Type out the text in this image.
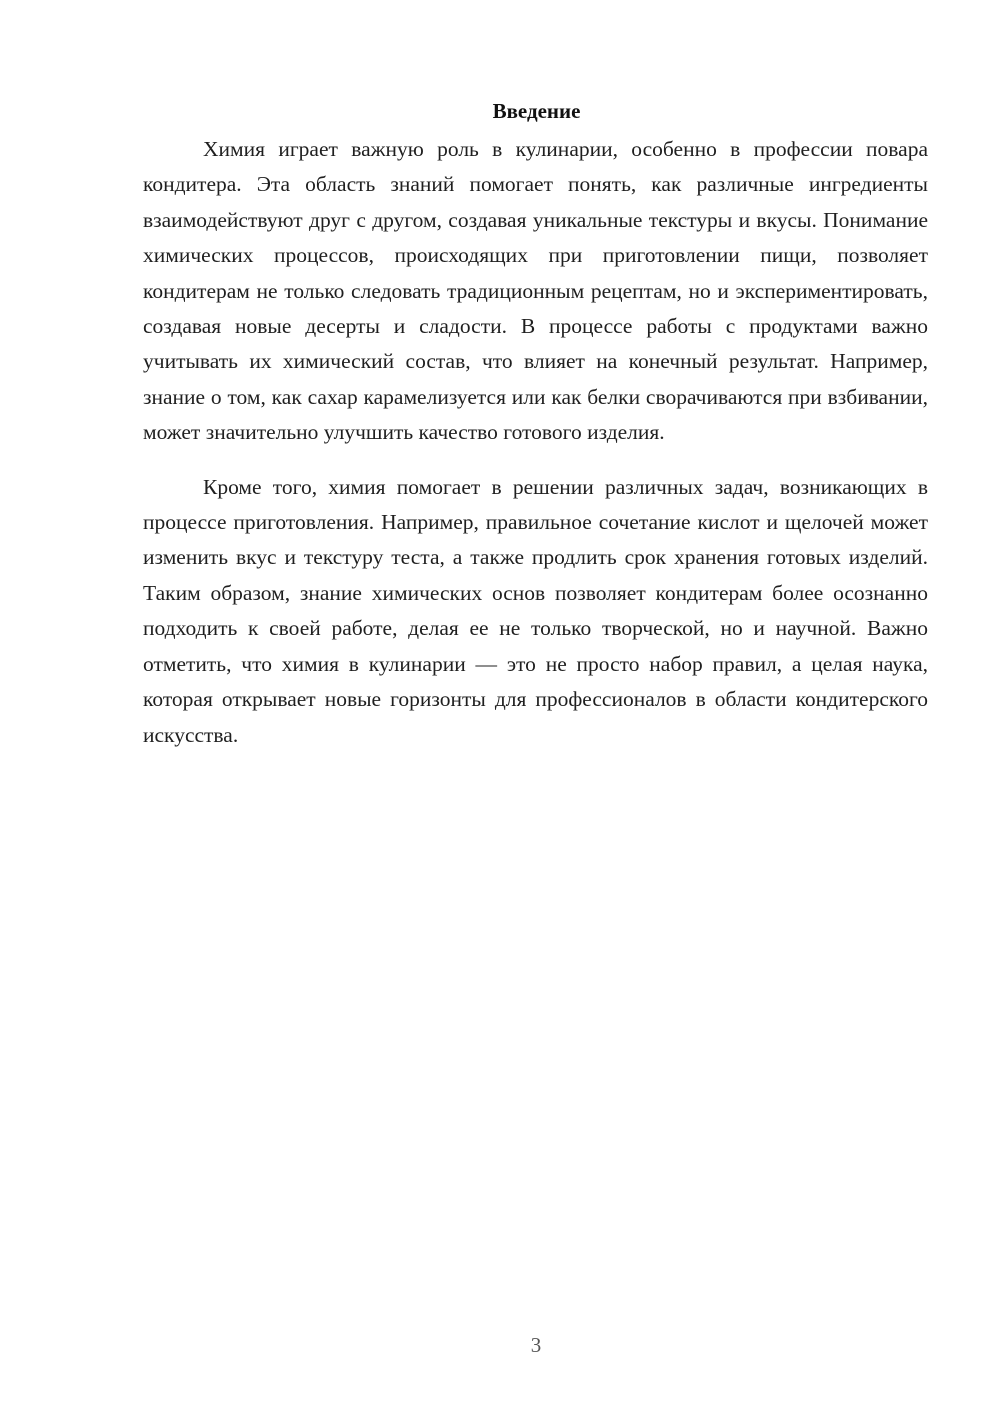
Введение

Химия играет важную роль в кулинарии, особенно в профессии повара кондитера. Эта область знаний помогает понять, как различные ингредиенты взаимодействуют друг с другом, создавая уникальные текстуры и вкусы. Понимание химических процессов, происходящих при приготовлении пищи, позволяет кондитерам не только следовать традиционным рецептам, но и экспериментировать, создавая новые десерты и сладости. В процессе работы с продуктами важно учитывать их химический состав, что влияет на конечный результат. Например, знание о том, как сахар карамелизуется или как белки сворачиваются при взбивании, может значительно улучшить качество готового изделия.

Кроме того, химия помогает в решении различных задач, возникающих в процессе приготовления. Например, правильное сочетание кислот и щелочей может изменить вкус и текстуру теста, а также продлить срок хранения готовых изделий. Таким образом, знание химических основ позволяет кондитерам более осознанно подходить к своей работе, делая ее не только творческой, но и научной. Важно отметить, что химия в кулинарии — это не просто набор правил, а целая наука, которая открывает новые горизонты для профессионалов в области кондитерского искусства.

3
